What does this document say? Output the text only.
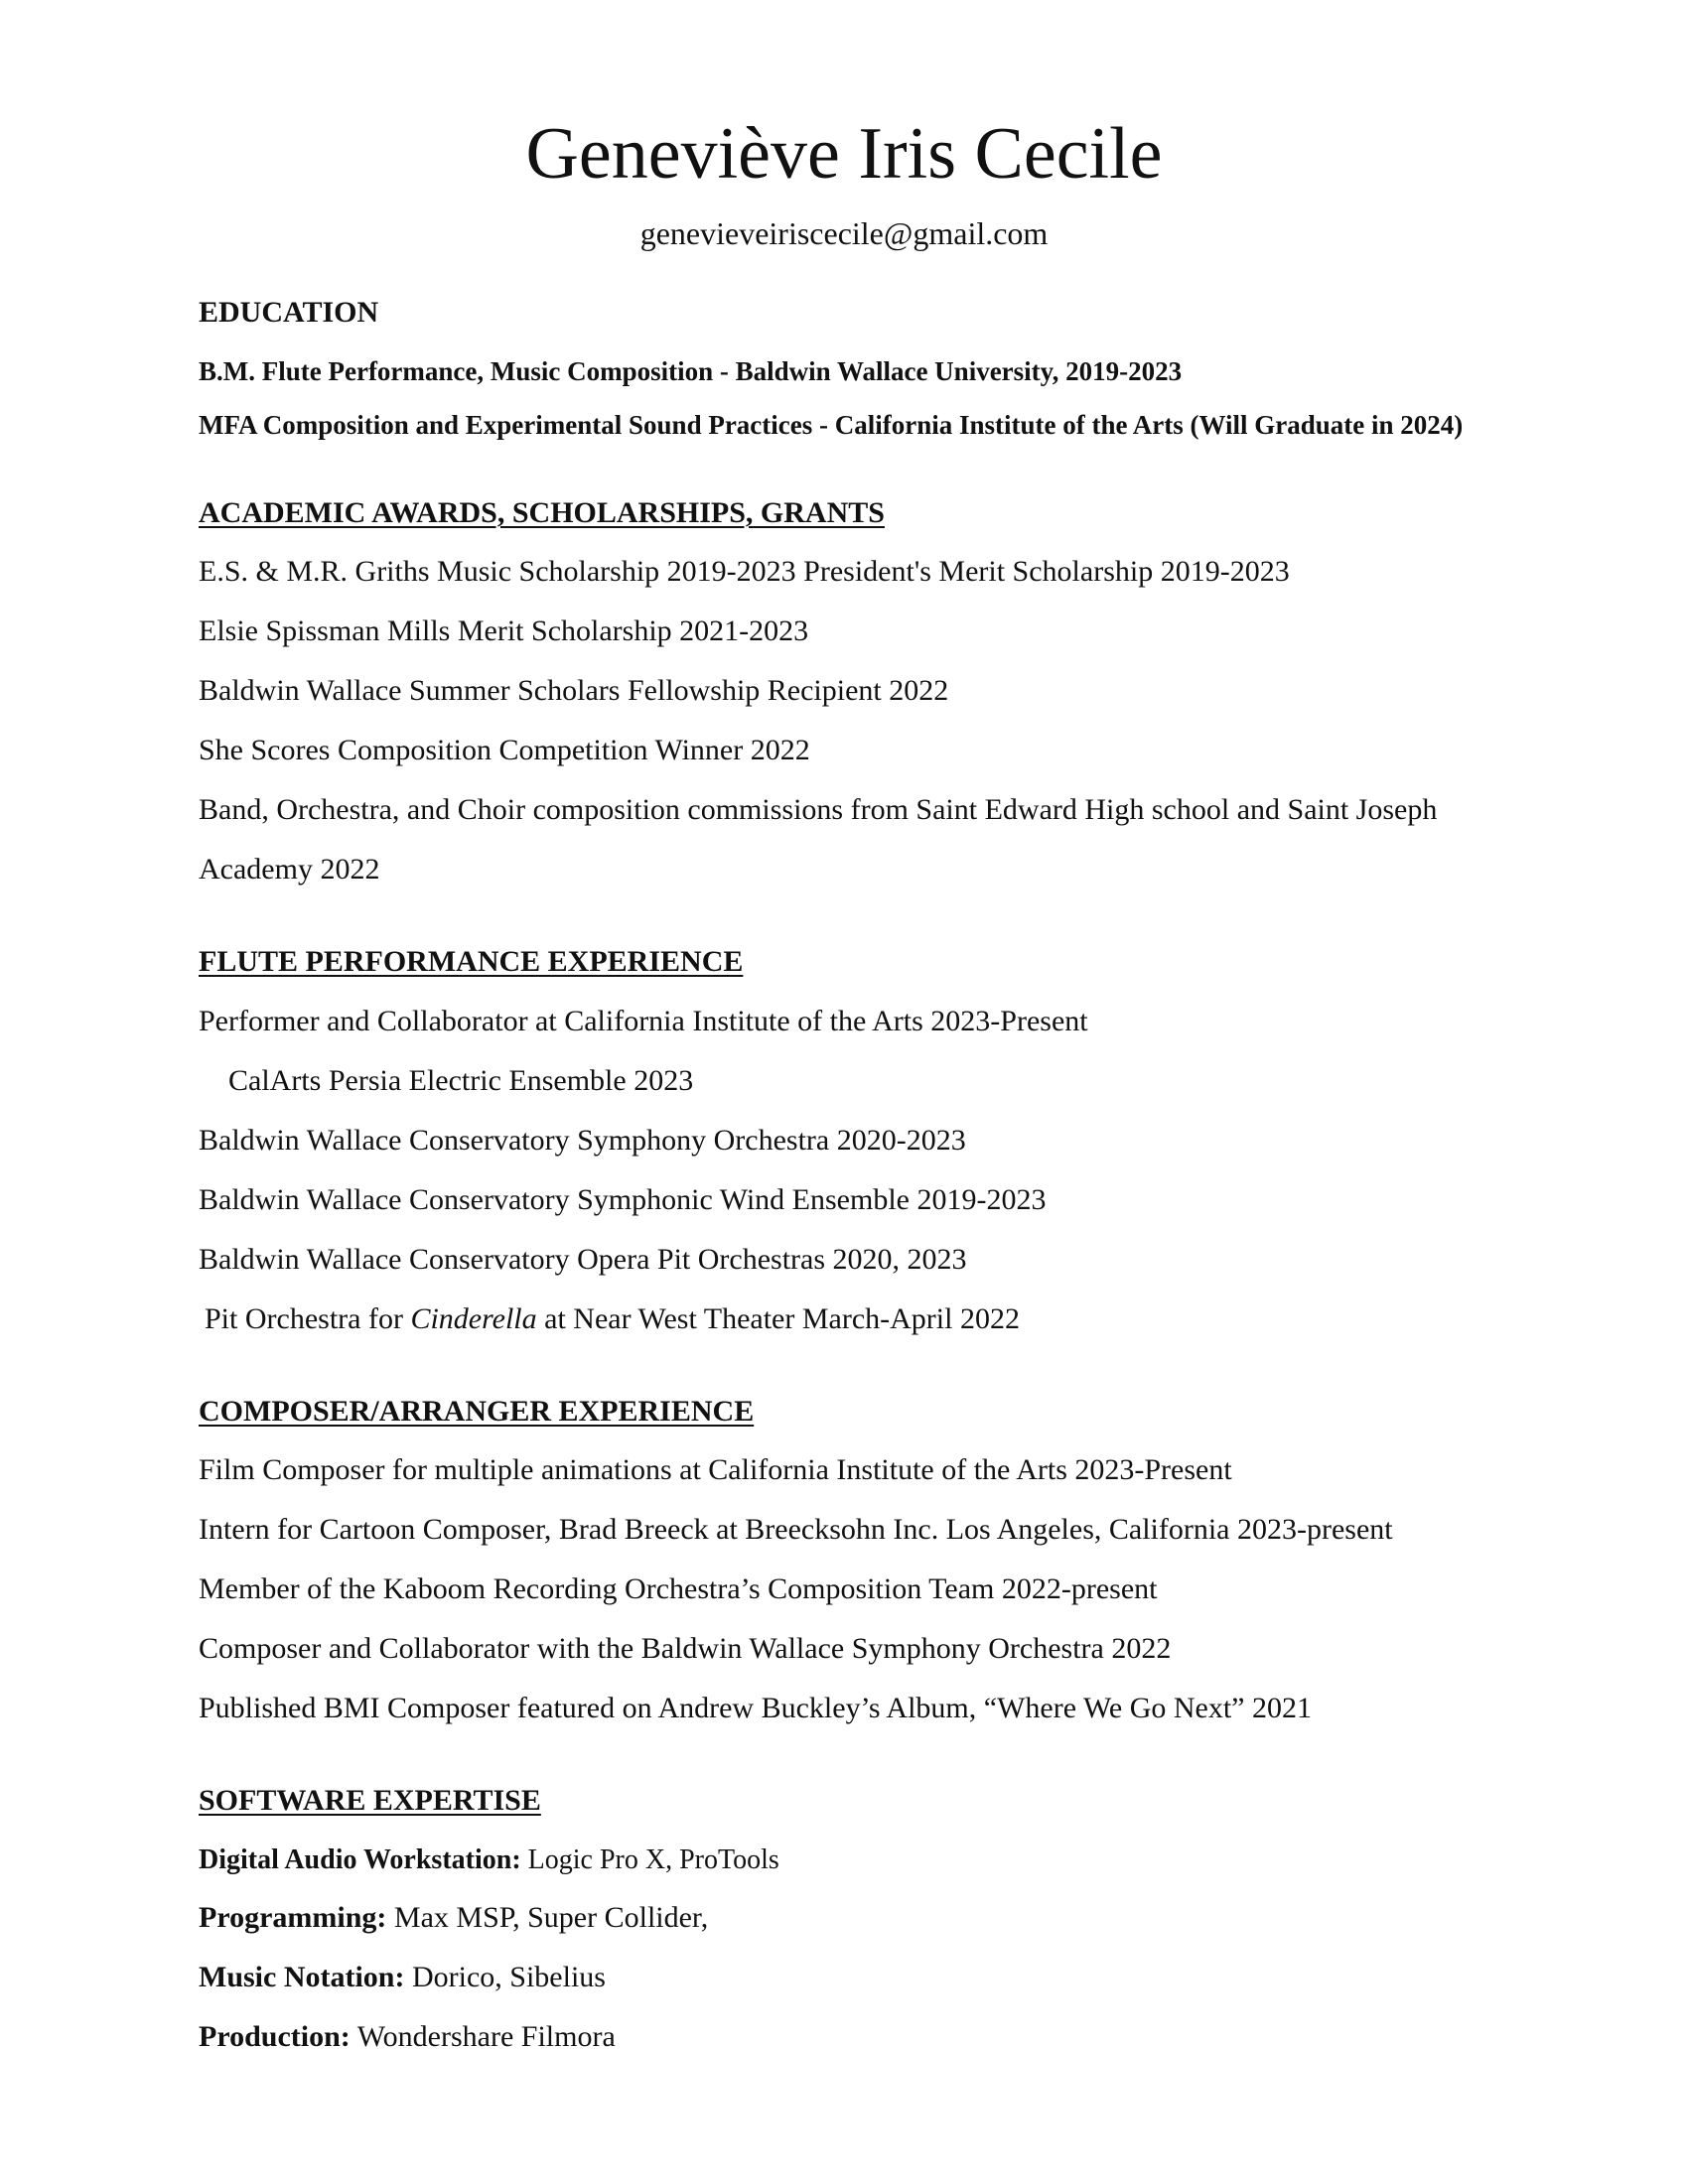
Geneviève Iris Cecile
genevieveiriscecile@gmail.com
EDUCATION
B.M. Flute Performance, Music Composition - Baldwin Wallace University, 2019-2023
MFA Composition and Experimental Sound Practices - California Institute of the Arts (Will Graduate in 2024)
ACADEMIC AWARDS, SCHOLARSHIPS, GRANTS
E.S. & M.R. Griths Music Scholarship 2019-2023 President's Merit Scholarship 2019-2023
Elsie Spissman Mills Merit Scholarship 2021-2023
Baldwin Wallace Summer Scholars Fellowship Recipient 2022
She Scores Composition Competition Winner 2022
Band, Orchestra, and Choir composition commissions from Saint Edward High school and Saint Joseph
Academy 2022
FLUTE PERFORMANCE EXPERIENCE
Performer and Collaborator at California Institute of the Arts 2023-Present
CalArts Persia Electric Ensemble 2023
Baldwin Wallace Conservatory Symphony Orchestra 2020-2023
Baldwin Wallace Conservatory Symphonic Wind Ensemble 2019-2023
Baldwin Wallace Conservatory Opera Pit Orchestras 2020, 2023
Pit Orchestra for Cinderella at Near West Theater March-April 2022
COMPOSER/ARRANGER EXPERIENCE
Film Composer for multiple animations at California Institute of the Arts 2023-Present
Intern for Cartoon Composer, Brad Breeck at Breecksohn Inc. Los Angeles, California 2023-present
Member of the Kaboom Recording Orchestra’s Composition Team 2022-present
Composer and Collaborator with the Baldwin Wallace Symphony Orchestra 2022
Published BMI Composer featured on Andrew Buckley’s Album, “Where We Go Next” 2021
SOFTWARE EXPERTISE
Digital Audio Workstation: Logic Pro X, ProTools
Programming: Max MSP, Super Collider,
Music Notation: Dorico, Sibelius
Production: Wondershare Filmora
